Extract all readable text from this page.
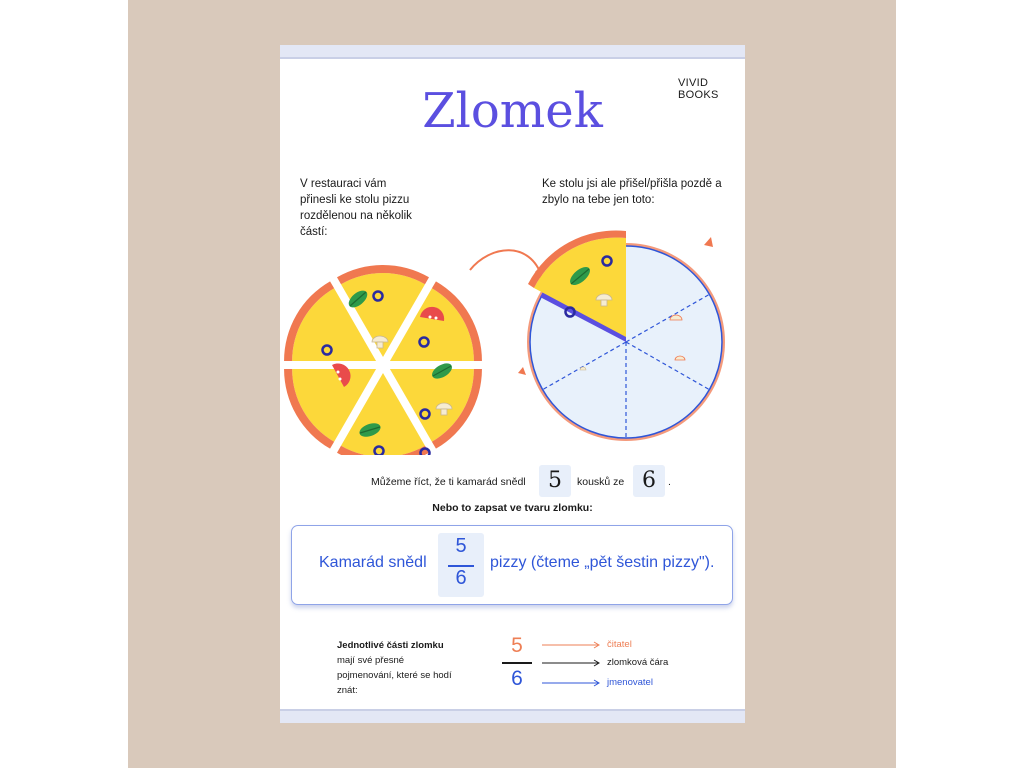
Zlomek	VIVID
BOOKS
V restauraci vám přinesli ke stolu pizzu rozdělenou na několik částí:
Ke stolu jsi ale přišel/přišla pozdě a zbylo na tebe jen toto:
Můžeme říct, že ti kamarád snědl	5	kousků ze 6	.
Nebo to zapsat ve tvaru zlomku:
Kamarád snědl
5
6
pizzy (čteme „pět šestin pizzy").
Jednotlivé části zlomku
mají své přesné pojmenování, které se hodí znát:
5
6
čitatel
zlomková čára
jmenovatel
